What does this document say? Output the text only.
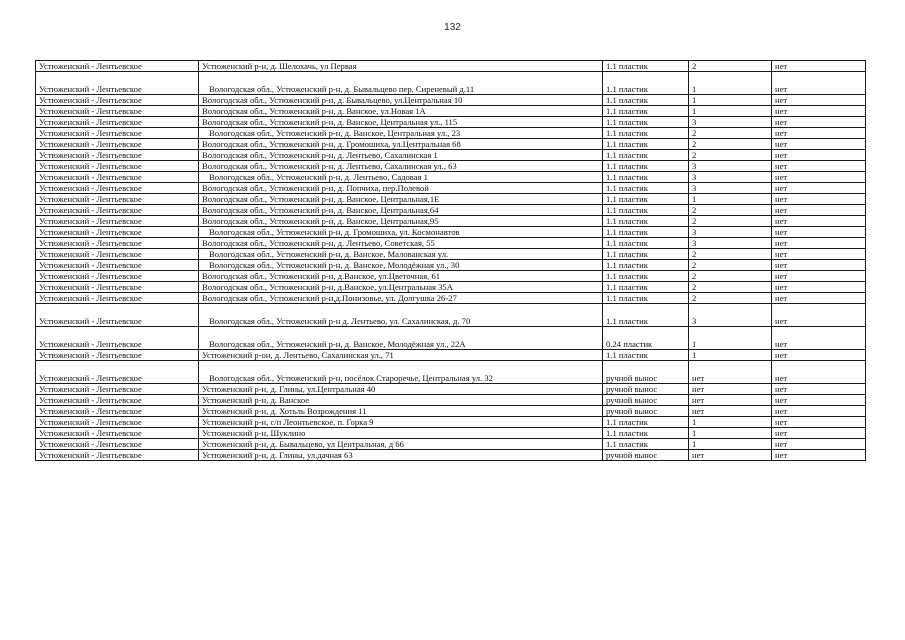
132
Устюженский - Лентьевское	Устюженский р-н, д. Шелохачь, ул Первая	1.1 пластик	2	нет
Устюженский - Лентьевское	Вологодская обл., Устюженский р-н, д. Бывальцево пер. Сиреневый д.11	1.1 пластик	1	нет
Устюженский - Лентьевское	Вологодская обл., Устюженский р-н, д. Бывальцево, ул.Центральная 10	1.1 пластик	1	нет
Устюженский - Лентьевское	Вологодская обл., Устюженский р-н, д. Ванское, ул.Новая 1А	1.1 пластик	1	нет
Устюженский - Лентьевское	Вологодская обл., Устюженский р-н, д. Ванское, Центральная ул., 115	1.1 пластик	3	нет
Устюженский - Лентьевское	Вологодская обл., Устюженский р-н, д. Ванское, Центральная ул., 23	1.1 пластик	2	нет
Устюженский - Лентьевское	Вологодская обл., Устюженский р-н, д. Громошиха, ул.Центральная 68	1.1 пластик	2	нет
Устюженский - Лентьевское	Вологодская обл., Устюженский р-н, д. Лентьево, Сахалинская 1	1.1 пластик	2	нет
Устюженский - Лентьевское	Вологодская обл., Устюженский р-н, д. Лентьево, Сахалинская ул., 63	1.1 пластик	3	нет
Устюженский - Лентьевское	Вологодская обл., Устюженский р-н, д. Лентьево, Садовая 1	1.1 пластик	3	нет
Устюженский - Лентьевское	Вологодская обл., Устюженский р-н, д. Попчиха, пер.Полевой	1.1 пластик	3	нет
Устюженский - Лентьевское	Вологодская обл., Устюженский р-н, д. Ванское, Центральная,1Е	1.1 пластик	1	нет
Устюженский - Лентьевское	Вологодская обл., Устюженский р-н, д. Ванское, Центральная,64	1.1 пластик	2	нет
Устюженский - Лентьевское	Вологодская обл., Устюженский р-н, д. Ванское, Центральная,95	1.1 пластик	2	нет
Устюженский - Лентьевское	Вологодская обл., Устюженский р-н, д. Громошиха, ул. Космонавтов	1.1 пластик	3	нет
Устюженский - Лентьевское	Вологодская обл., Устюженский р-н, д. Лентьево, Советская, 55	1.1 пластик	3	нет
Устюженский - Лентьевское	Вологодская обл., Устюженский р-н, д. Ванское, Малованская ул.	1.1 пластик	2	нет
Устюженский - Лентьевское	Вологодская обл., Устюженский р-н, д. Ванское, Молодёжная ул., 30	1.1 пластик	2	нет
Устюженский - Лентьевское	Вологодская обл., Устюженский р-н, д.Ванское, ул.Цветочная, 61	1.1 пластик	2	нет
Устюженский - Лентьевское	Вологодская обл., Устюженский р-н, д.Ванское, ул.Центральная 35А	1.1 пластик	2	нет
Устюженский - Лентьевское	Вологодская обл., Устюженский р-н,д.Понизовье, ул. Долгушка 26-27	1.1 пластик	2	нет
Устюженский - Лентьевское	Вологодская обл., Устюженский р-н д. Лентьево, ул. Сахалинская, д. 70	1.1 пластик	3	нет
Устюженский - Лентьевское	Вологодская обл., Устюженский р-н, д. Ванское, Молодёжная ул., 22А	0.24 пластик	1	нет
Устюженский - Лентьевское	Устюженский р-он, д. Лентьево, Сахалинская ул., 71	1.1 пластик	1	нет
Устюженский - Лентьевское	Вологодская обл., Устюженский р-н, посёлок Староречье, Центральная ул. 32	ручной вынос	нет	нет
Устюженский - Лентьевское	Устюженский р-н, д. Глины, ул.Центральная 40	ручной вынос	нет	нет
Устюженский - Лентьевское	Устюженский р-н, д. Ванское	ручной вынос	нет	нет
Устюженский - Лентьевское	Устюженский р-н, д. Хотьль Возрождения 11	ручной вынос	нет	нет
Устюженский - Лентьевское	Устюженский р-н, с/п Леонтьевское, п. Горка 9	1.1 пластик	1	нет
Устюженский - Лентьевское	Устюженский р-н, Шуклино	1.1 пластик	1	нет
Устюженский - Лентьевское	Устюженский р-н, д. Бывальцево, ул Центральная, д 66	1.1 пластик	1	нет
Устюженский - Лентьевское	Устюженский р-н, д. Глины, ул.дачная 63	ручной вынос	нет	нет
